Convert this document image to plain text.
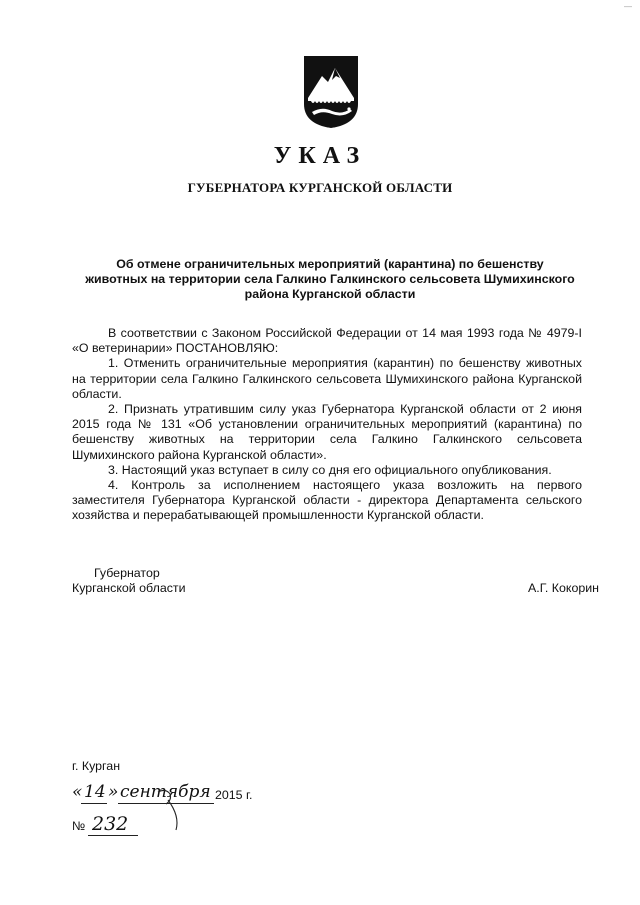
—
УКАЗ
ГУБЕРНАТОРА КУРГАНСКОЙ ОБЛАСТИ
Об отмене ограничительных мероприятий (карантина) по бешенству
животных на территории села Галкино Галкинского сельсовета Шумихинского
района Курганской области

В соответствии с Законом Российской Федерации от 14 мая 1993 года № 4979-I «О ветеринарии» ПОСТАНОВЛЯЮ:

1. Отменить ограничительные мероприятия (карантин) по бешенству животных на территории села Галкино Галкинского сельсовета Шумихинского района Курганской области.

2. Признать утратившим силу указ Губернатора Курганской области от 2 июня 2015 года № 131 «Об установлении ограничительных мероприятий (карантина) по бешенству животных на территории села Галкино Галкинского сельсовета Шумихинского района Курганской области».

3. Настоящий указ вступает в силу со дня его официального опубликования.

4. Контроль за исполнением настоящего указа возложить на первого заместителя Губернатора Курганской области - директора Департамента сельского хозяйства и перерабатывающей промышленности Курганской области.

Губернатор
Курганской области	А.Г. Кокорин
г. Курган
« 14 » сентября 2015 г.
№ 232
